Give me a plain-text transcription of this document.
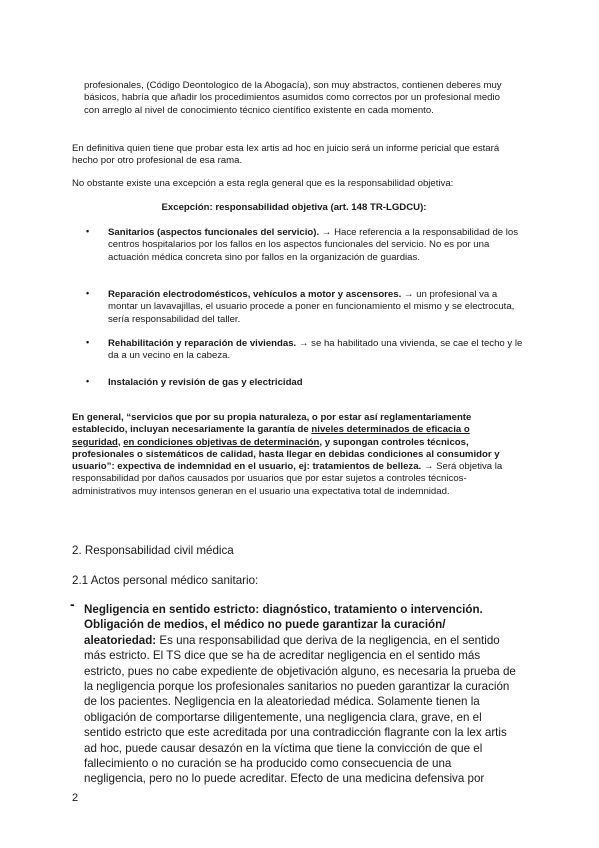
profesionales, (Código Deontologico de la Abogacía), son muy abstractos, contienen deberes muy básicos, habría que añadir los procedimientos asumidos como correctos por un profesional medio con arreglo al nivel de conocimiento técnico científico existente en cada momento.

En definitiva quien tiene que probar esta lex artis ad hoc en juicio será un informe pericial que estará hecho por otro profesional de esa rama.

No obstante existe una excepción a esta regla general que es la responsabilidad objetiva:

Excepción: responsabilidad objetiva (art. 148 TR-LGDCU):

• Sanitarios (aspectos funcionales del servicio). → Hace referencia a la responsabilidad de los centros hospitalarios por los fallos en los aspectos funcionales del servicio. No es por una actuación médica concreta sino por fallos en la organización de guardias.

• Reparación electrodomésticos, vehículos a motor y ascensores. → un profesional va a montar un lavavajillas, el usuario procede a poner en funcionamiento el mismo y se electrocuta, sería responsabilidad del taller.

• Rehabilitación y reparación de viviendas. → se ha habilitado una vivienda, se cae el techo y le da a un vecino en la cabeza.

• Instalación y revisión de gas y electricidad

En general, “servicios que por su propia naturaleza, o por estar así reglamentariamente establecido, incluyan necesariamente la garantía de niveles determinados de eficacia o seguridad, en condiciones objetivas de determinación, y supongan controles técnicos, profesionales o sistemáticos de calidad, hasta llegar en debidas condiciones al consumidor y usuario”: expectiva de indemnidad en el usuario, ej: tratamientos de belleza. → Será objetiva la responsabilidad por daños causados por usuarios que por estar sujetos a controles técnicos- administrativos muy intensos generan en el usuario una expectativa total de indemnidad.

2. Responsabilidad civil médica

2.1 Actos personal médico sanitario:

- Negligencia en sentido estricto: diagnóstico, tratamiento o intervención. Obligación de medios, el médico no puede garantizar la curación/ aleatoriedad: Es una responsabilidad que deriva de la negligencia, en el sentido más estricto. El TS dice que se ha de acreditar negligencia en el sentido más estricto, pues no cabe expediente de objetivación alguno, es necesaria la prueba de la negligencia porque los profesionales sanitarios no pueden garantizar la curación de los pacientes. Negligencia en la aleatoriedad médica. Solamente tienen la obligación de comportarse diligentemente, una negligencia clara, grave, en el sentido estricto que este acreditada por una contradicción flagrante con la lex artis ad hoc, puede causar desazón en la víctima que tiene la convicción de que el fallecimiento o no curación se ha producido como consecuencia de una negligencia, pero no lo puede acreditar. Efecto de una medicina defensiva por

2
